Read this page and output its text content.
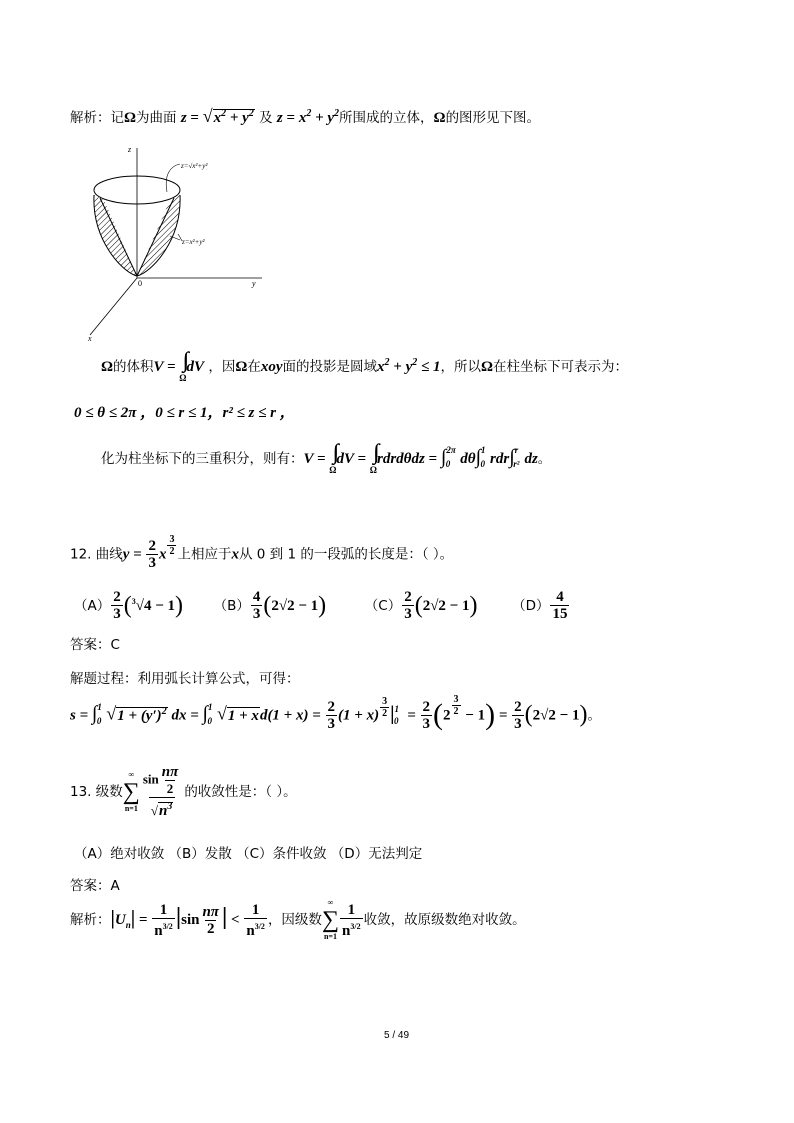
解析：记Ω为曲面 $z = √x^2 + y^2$ 及 $z = x^2 + y^2$所围成的立体，Ω的图形见下图。
z
y
x
0
z=√x²+y²
z=x²+y²
Ω的体积V = ∫∫∫
Ω
dV ，因Ω在xoy面的投影是圆域$x^2 + y^2 \le 1$，所以Ω在柱坐标下可表示为：
0 ≤ θ ≤ 2π ，0 ≤ r ≤ 1，r² ≤ z ≤ r ，
化为柱坐标下的三重积分，则有：V = ∫∫∫
Ω
dV = ∫∫∫
Ω
rdrdθdz = ∫$^{2\pi}_0$ dθ∫$^1_0$ rdr∫$^r_{r^2}$ dz。
12. 曲线$y = \frac{2}{3}$ x $\frac{3}{2}$ 上相应于x从 0 到 1 的一段弧的长度是：（ ）。
$(A) \frac{2}{3} (^3√4 - 1)$ $(B) \frac{4}{3} (2√2 - 1)$	$(C) \frac{2}{3} (2√2 - 1)$	$(D) \frac{4}{15}$
答案：C
解题过程：利用弧长计算公式，可得：
s = ∫$^1_0$ $√1 + (y')^2$ dx = ∫$^1_0$ $√1 + xd(1 + x) = \frac{2}{3} (1 + x) \frac{3}{2} |^1_0 = \frac{2}{3} (2 \frac{3}{2} - 1) = \frac{2}{3} (2√2 - 1)$。
13. 级数
∞
∑
$n=1 \frac{\sin \frac{n\pi}{2}}{√n^3}$ 的收敛性是：（ ）。
（A）绝对收敛 （B）发散 （C）条件收敛 （D）无法判定
答案：A
解析：$|U_n| = \frac{1}{n^{3/2}} |\sin \frac{n\pi}{2}$ | < $\frac{1}{n^{3/2}}$ ，因级数
∞
∑
$n=1 \frac{1}{n^{3/2}}$ 收敛，故原级数绝对收敛。
5 / 49
